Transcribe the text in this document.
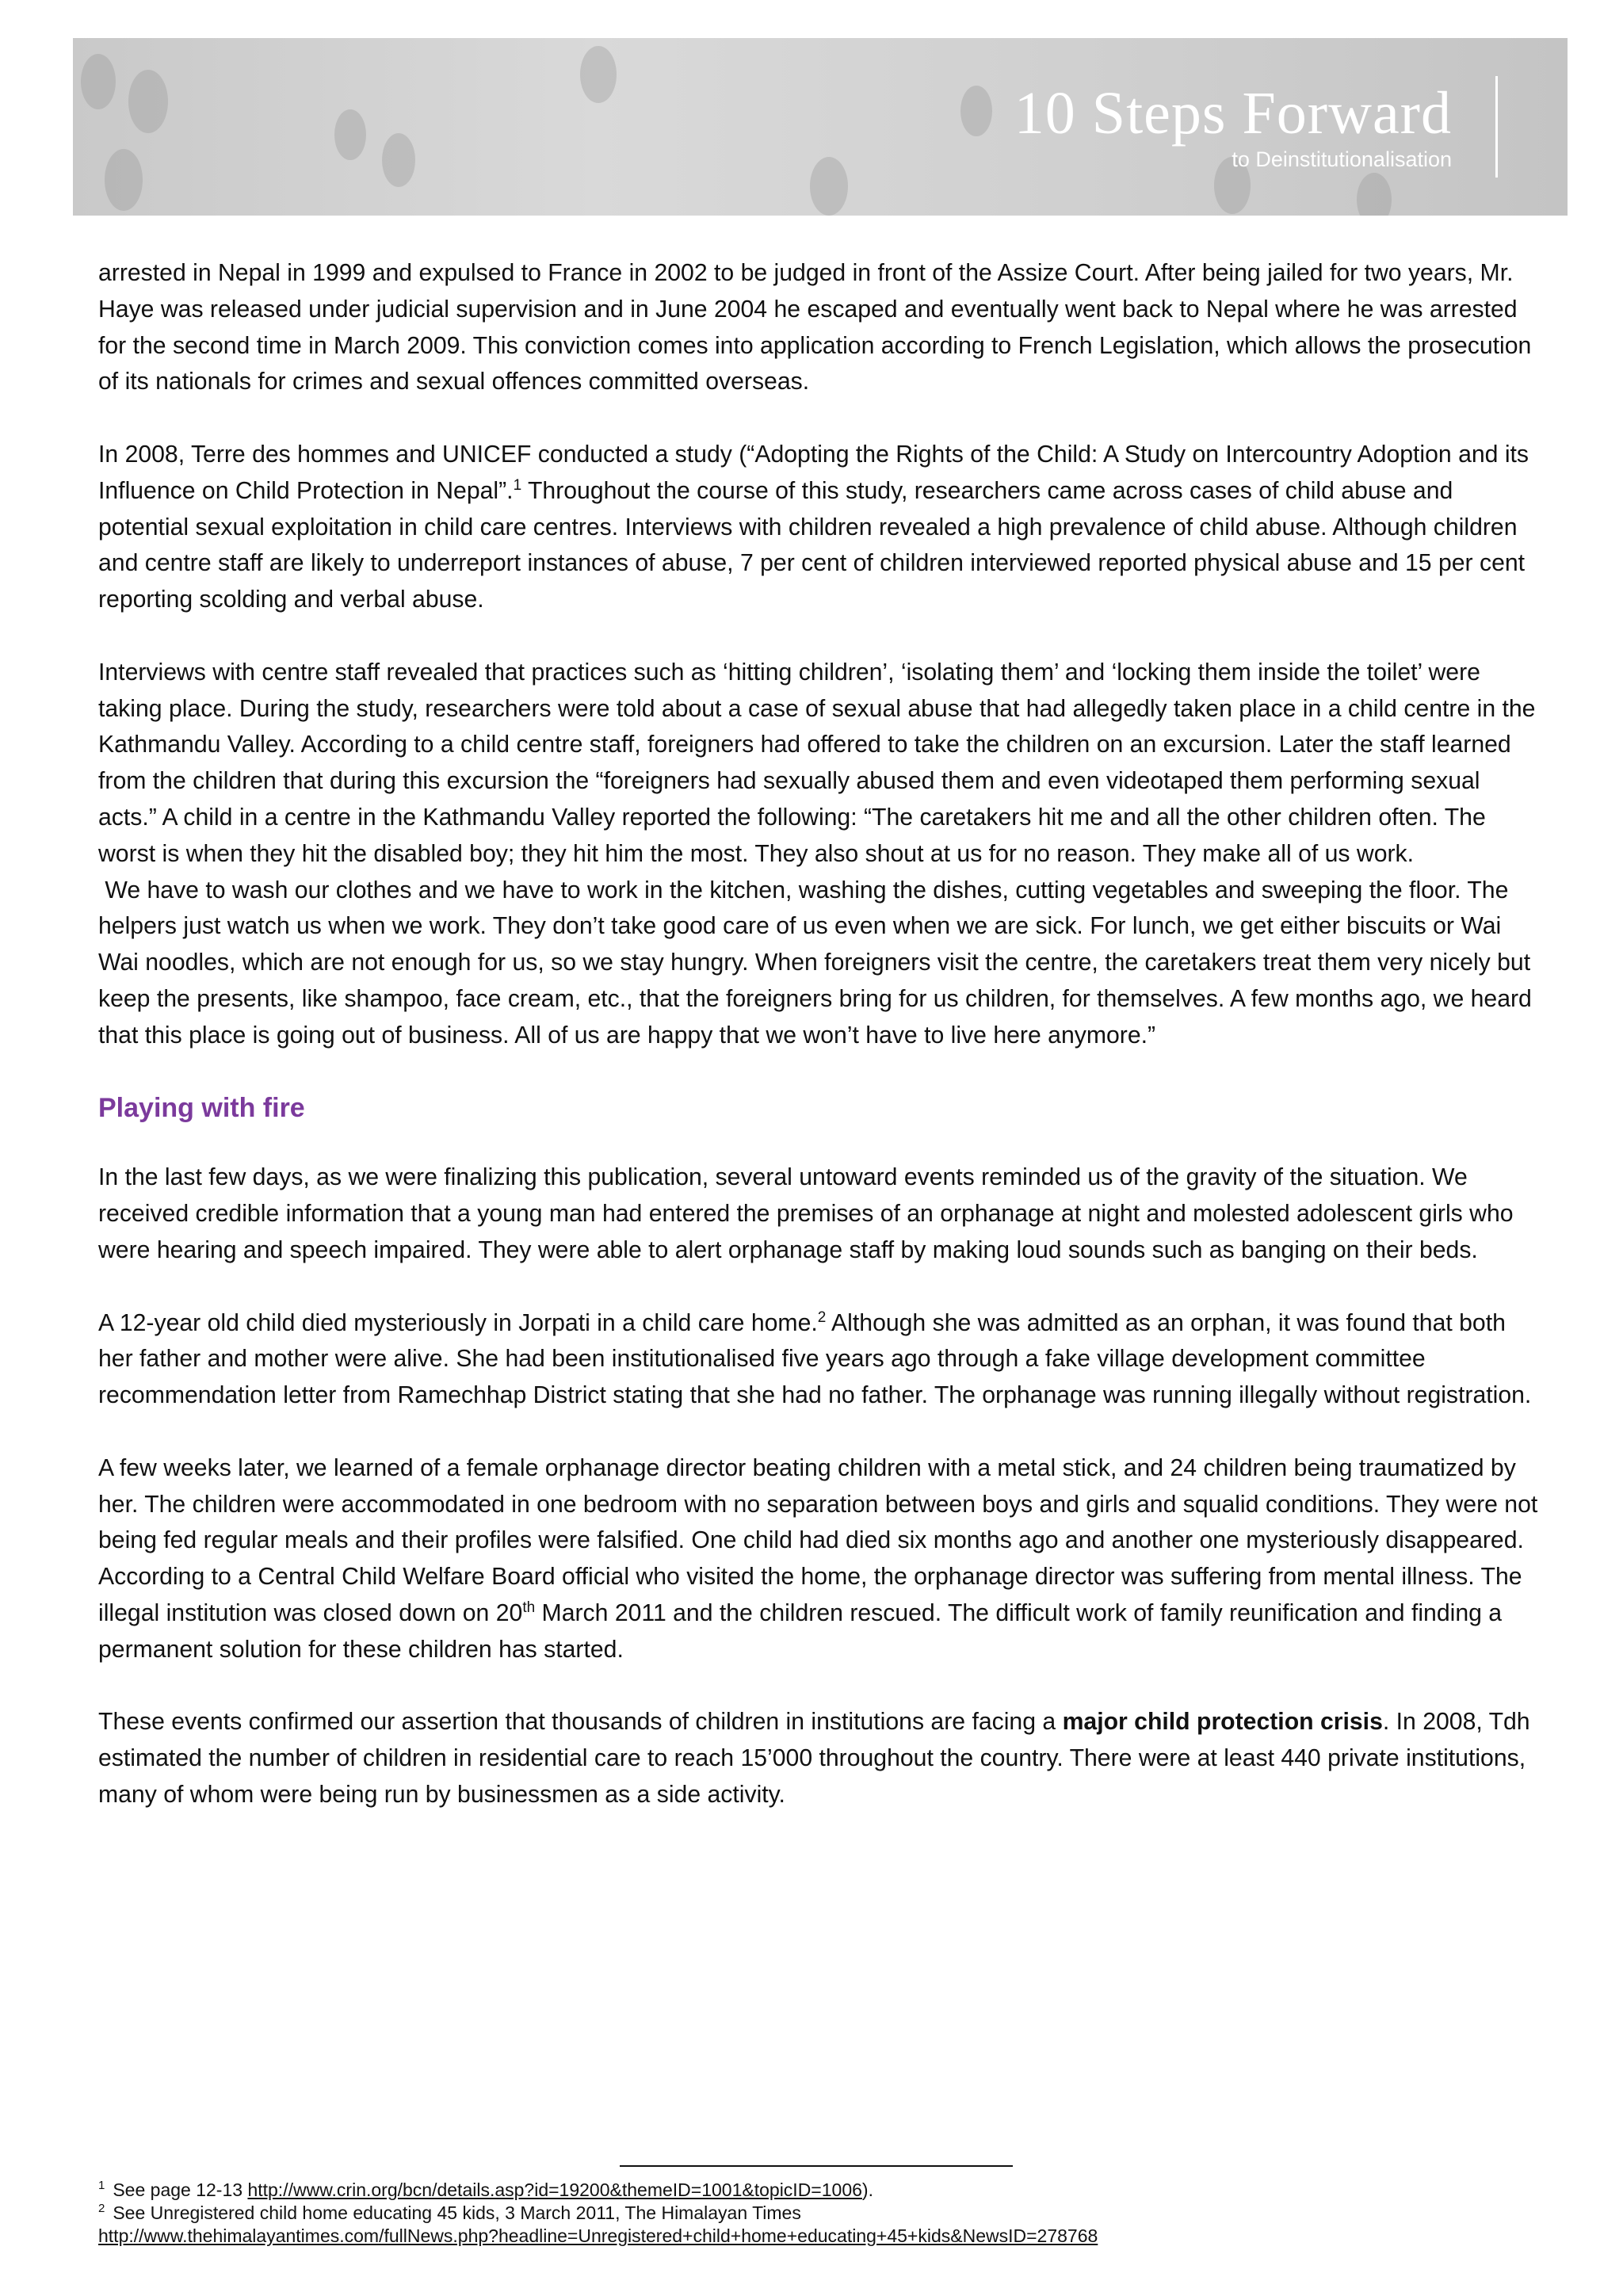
10 Steps Forward
to Deinstitutionalisation

arrested in Nepal in 1999 and expulsed to France in 2002 to be judged in front of the Assize Court. After being jailed for two years, Mr. Haye was released under judicial supervision and in June 2004 he escaped and eventually went back to Nepal where he was arrested for the second time in March 2009. This conviction comes into application according to French Legislation, which allows the prosecution of its nationals for crimes and sexual offences committed overseas.

In 2008, Terre des hommes and UNICEF conducted a study (“Adopting the Rights of the Child: A Study on Intercountry Adoption and its Influence on Child Protection in Nepal”.$^1$ Throughout the course of this study, researchers came across cases of child abuse and potential sexual exploitation in child care centres. Interviews with children revealed a high prevalence of child abuse. Although children and centre staff are likely to underreport instances of abuse, 7 per cent of children interviewed reported physical abuse and 15 per cent reporting scolding and verbal abuse.

Interviews with centre staff revealed that practices such as ‘hitting children’, ‘isolating them’ and ‘locking them inside the toilet’ were taking place. During the study, researchers were told about a case of sexual abuse that had allegedly taken place in a child centre in the Kathmandu Valley. According to a child centre staff, foreigners had offered to take the children on an excursion. Later the staff learned from the children that during this excursion the “foreigners had sexually abused them and even videotaped them performing sexual acts.” A child in a centre in the Kathmandu Valley reported the following: “The caretakers hit me and all the other children often. The worst is when they hit the disabled boy; they hit him the most. They also shout at us for no reason. They make all of us work.

We have to wash our clothes and we have to work in the kitchen, washing the dishes, cutting vegetables and sweeping the floor. The helpers just watch us when we work. They don’t take good care of us even when we are sick. For lunch, we get either biscuits or Wai Wai noodles, which are not enough for us, so we stay hungry. When foreigners visit the centre, the caretakers treat them very nicely but keep the presents, like shampoo, face cream, etc., that the foreigners bring for us children, for themselves. A few months ago, we heard that this place is going out of business. All of us are happy that we won’t have to live here anymore.”

Playing with fire

In the last few days, as we were finalizing this publication, several untoward events reminded us of the gravity of the situation. We received credible information that a young man had entered the premises of an orphanage at night and molested adolescent girls who were hearing and speech impaired. They were able to alert orphanage staff by making loud sounds such as banging on their beds.

A 12-year old child died mysteriously in Jorpati in a child care home.$^2$ Although she was admitted as an orphan, it was found that both her father and mother were alive. She had been institutionalised five years ago through a fake village development committee recommendation letter from Ramechhap District stating that she had no father. The orphanage was running illegally without registration.

A few weeks later, we learned of a female orphanage director beating children with a metal stick, and 24 children being traumatized by her. The children were accommodated in one bedroom with no separation between boys and girls and squalid conditions. They were not being fed regular meals and their profiles were falsified. One child had died six months ago and another one mysteriously disappeared. According to a Central Child Welfare Board official who visited the home, the orphanage director was suffering from mental illness. The illegal institution was closed down on 20th March 2011 and the children rescued. The difficult work of family reunification and finding a permanent solution for these children has started.

These events confirmed our assertion that thousands of children in institutions are facing a major child protection crisis. In 2008, Tdh estimated the number of children in residential care to reach 15’000 throughout the country. There were at least 440 private institutions, many of whom were being run by businessmen as a side activity.

$^1$ See page 12-13 http://www.crin.org/bcn/details.asp?id=19200&themeID=1001&topicID=1006).
$^2$ See Unregistered child home educating 45 kids, 3 March 2011, The Himalayan Times
http://www.thehimalayantimes.com/fullNews.php?headline=Unregistered+child+home+educating+45+kids&NewsID=278768
